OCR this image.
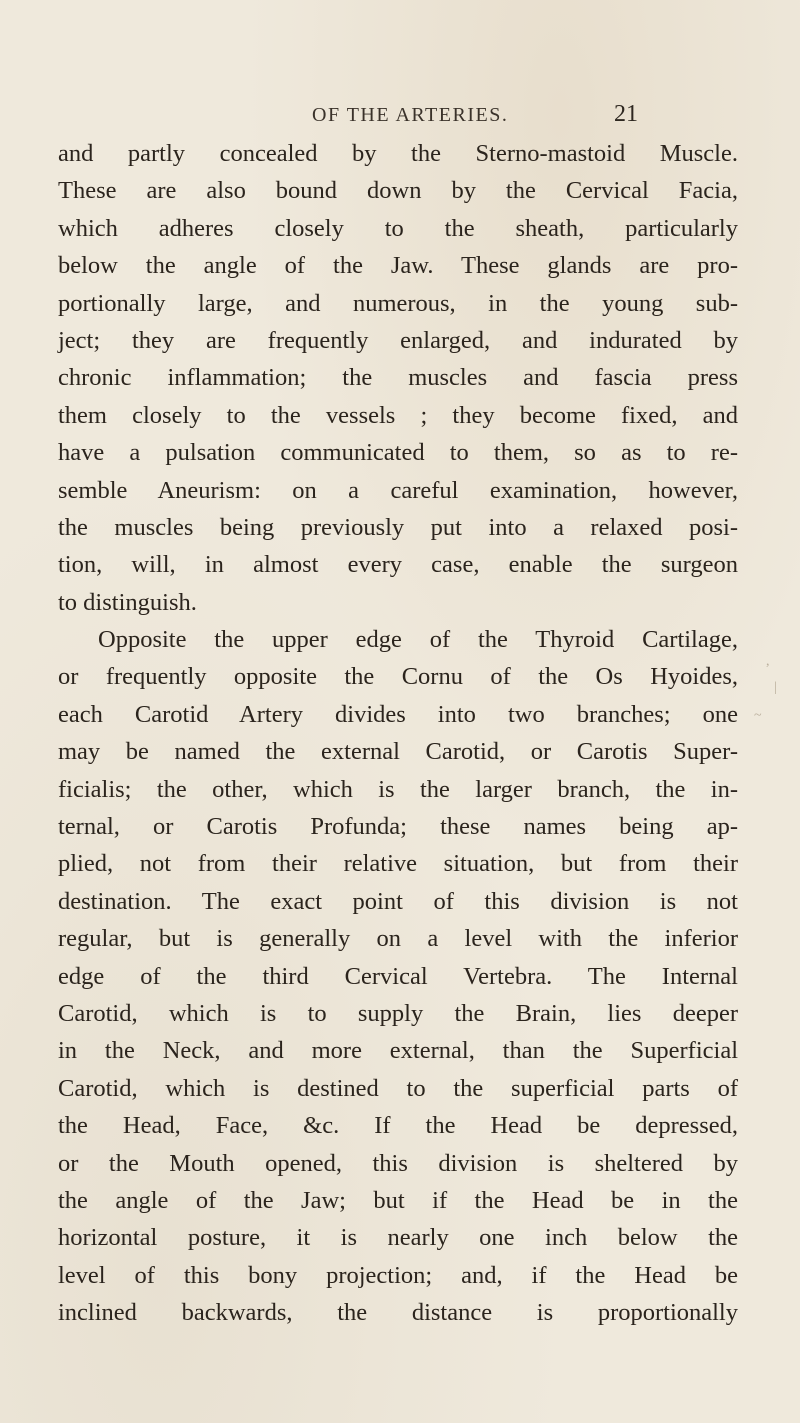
OF THE ARTERIES.	21
and partly concealed by the Sterno-mastoid Muscle.
These are also bound down by the Cervical Facia,
which adheres closely to the sheath, particularly
below the angle of the Jaw. These glands are pro-
portionally large, and numerous, in the young sub-
ject; they are frequently enlarged, and indurated by
chronic inflammation; the muscles and fascia press
them closely to the vessels ; they become fixed, and
have a pulsation communicated to them, so as to re-
semble Aneurism: on a careful examination, however,
the muscles being previously put into a relaxed posi-
tion, will, in almost every case, enable the surgeon
to distinguish.
Opposite the upper edge of the Thyroid Cartilage,
or frequently opposite the Cornu of the Os Hyoides,
each Carotid Artery divides into two branches; one
may be named the external Carotid, or Carotis Super-
ficialis; the other, which is the larger branch, the in-
ternal, or Carotis Profunda; these names being ap-
plied, not from their relative situation, but from their
destination. The exact point of this division is not
regular, but is generally on a level with the inferior
edge of the third Cervical Vertebra. The Internal
Carotid, which is to supply the Brain, lies deeper
in the Neck, and more external, than the Superficial
Carotid, which is destined to the superficial parts of
the Head, Face, &c. If the Head be depressed,
or the Mouth opened, this division is sheltered by
the angle of the Jaw; but if the Head be in the
horizontal posture, it is nearly one inch below the
level of this bony projection; and, if the Head be
inclined backwards, the distance is proportionally
,
|
~
